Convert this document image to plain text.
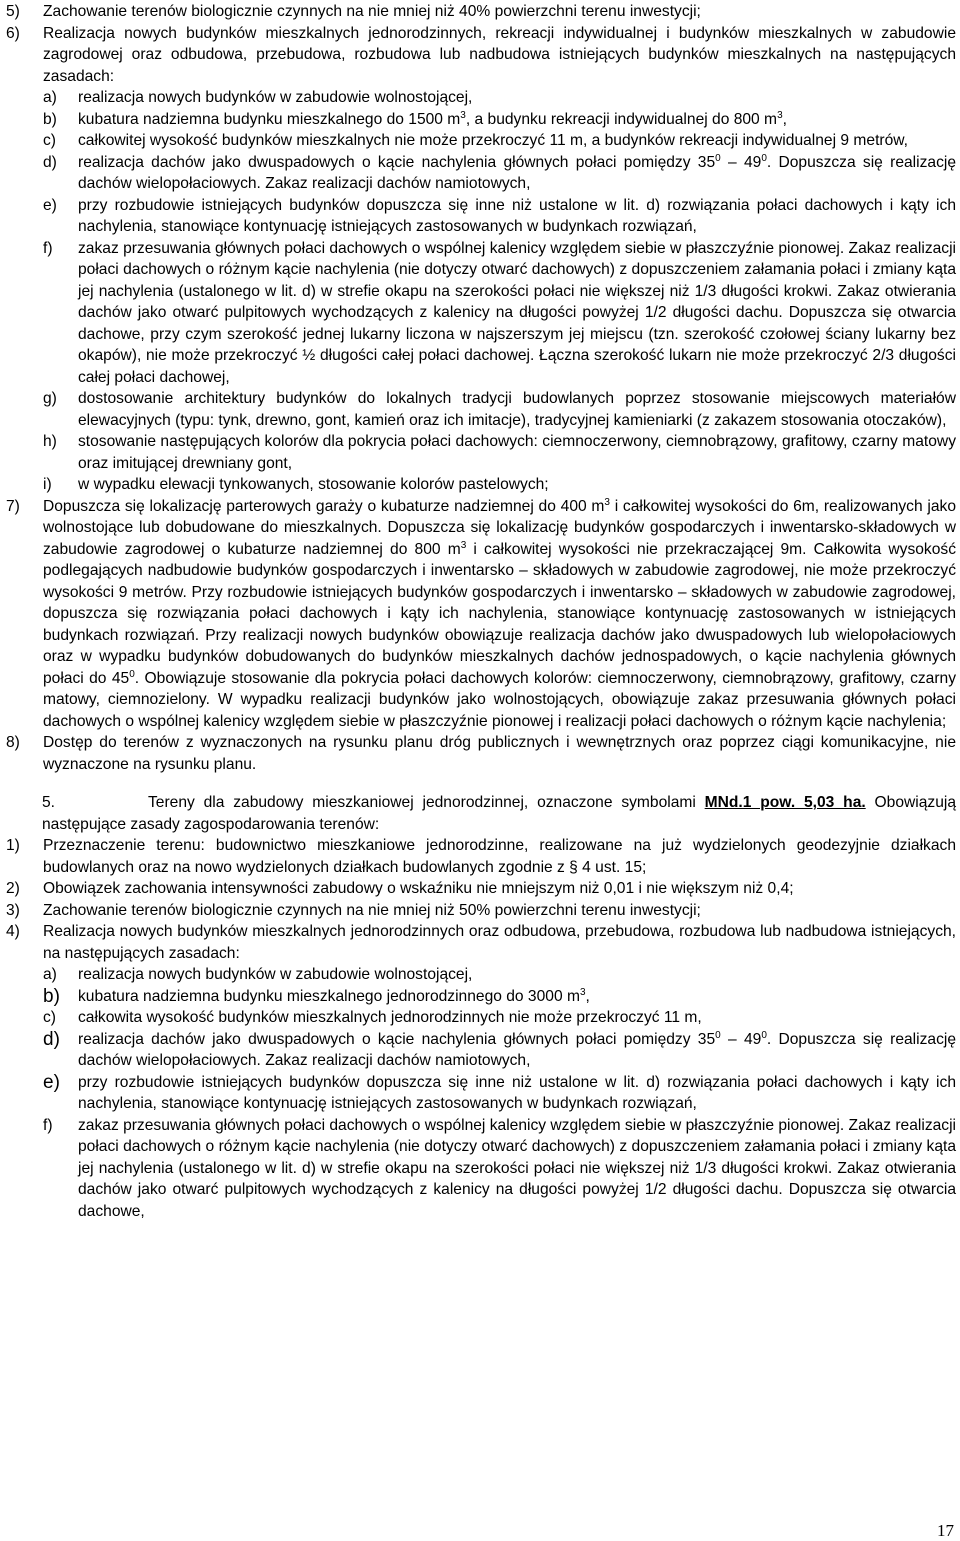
5)	Zachowanie terenów biologicznie czynnych na nie mniej niż 40% powierzchni terenu inwestycji;
6)	Realizacja nowych budynków mieszkalnych jednorodzinnych, rekreacji indywidualnej i budynków mieszkalnych w zabudowie zagrodowej oraz odbudowa, przebudowa, rozbudowa lub nadbudowa istniejących budynków mieszkalnych na następujących zasadach:
a)	realizacja nowych budynków w zabudowie wolnostojącej,
b)	kubatura nadziemna budynku mieszkalnego do 1500 $m^3$, a budynku rekreacji indywidualnej do 800 $m^3$,
c)	całkowitej wysokość budynków mieszkalnych nie może przekroczyć 11 m, a budynków rekreacji indywidualnej 9 metrów,
d)	realizacja dachów jako dwuspadowych o kącie nachylenia głównych połaci pomiędzy $35^0 - 49^0$. Dopuszcza się realizację dachów wielopołaciowych. Zakaz realizacji dachów namiotowych,
e)	przy rozbudowie istniejących budynków dopuszcza się inne niż ustalone w lit. d) rozwiązania połaci dachowych i kąty ich nachylenia, stanowiące kontynuację istniejących zastosowanych w budynkach rozwiązań,
f)	zakaz przesuwania głównych połaci dachowych o wspólnej kalenicy względem siebie w płaszczyźnie pionowej. Zakaz realizacji połaci dachowych o różnym kącie nachylenia (nie dotyczy otwarć dachowych) z dopuszczeniem załamania połaci i zmiany kąta jej nachylenia (ustalonego w lit. d) w strefie okapu na szerokości połaci nie większej niż 1/3 długości krokwi. Zakaz otwierania dachów jako otwarć pulpitowych wychodzących z kalenicy na długości powyżej 1/2 długości dachu. Dopuszcza się otwarcia dachowe, przy czym szerokość jednej lukarny liczona w najszerszym jej miejscu (tzn. szerokość czołowej ściany lukarny bez okapów), nie może przekroczyć ½ długości całej połaci dachowej. Łączna szerokość lukarn nie może przekroczyć 2/3 długości całej połaci dachowej,
g)	dostosowanie architektury budynków do lokalnych tradycji budowlanych poprzez stosowanie miejscowych materiałów elewacyjnych (typu: tynk, drewno, gont, kamień oraz ich imitacje), tradycyjnej kamieniarki (z zakazem stosowania otoczaków),
h)	stosowanie następujących kolorów dla pokrycia połaci dachowych: ciemnoczerwony, ciemnobrązowy, grafitowy, czarny matowy oraz imitującej drewniany gont,
i)	w wypadku elewacji tynkowanych, stosowanie kolorów pastelowych;
7)	Dopuszcza się lokalizację parterowych garaży o kubaturze nadziemnej do 400 $m^3$ i całkowitej wysokości do 6m, realizowanych jako wolnostojące lub dobudowane do mieszkalnych. Dopuszcza się lokalizację budynków gospodarczych i inwentarsko-składowych w zabudowie zagrodowej o kubaturze nadziemnej do 800 $m^3$ i całkowitej wysokości nie przekraczającej 9m. Całkowita wysokość podlegających nadbudowie budynków gospodarczych i inwentarsko – składowych w zabudowie zagrodowej, nie może przekroczyć wysokości 9 metrów. Przy rozbudowie istniejących budynków gospodarczych i inwentarsko – składowych w zabudowie zagrodowej, dopuszcza się rozwiązania połaci dachowych i kąty ich nachylenia, stanowiące kontynuację zastosowanych w istniejących budynkach rozwiązań. Przy realizacji nowych budynków obowiązuje realizacja dachów jako dwuspadowych lub wielopołaciowych oraz w wypadku budynków dobudowanych do budynków mieszkalnych dachów jednospadowych, o kącie nachylenia głównych połaci do $45^0$. Obowiązuje stosowanie dla pokrycia połaci dachowych kolorów: ciemnoczerwony, ciemnobrązowy, grafitowy, czarny matowy, ciemnozielony. W wypadku realizacji budynków jako wolnostojących, obowiązuje zakaz przesuwania głównych połaci dachowych o wspólnej kalenicy względem siebie w płaszczyźnie pionowej i realizacji połaci dachowych o różnym kącie nachylenia;
8)	Dostęp do terenów z wyznaczonych na rysunku planu dróg publicznych i wewnętrznych oraz poprzez ciągi komunikacyjne, nie wyznaczone na rysunku planu.
5.	Tereny dla zabudowy mieszkaniowej jednorodzinnej, oznaczone symbolami MNd.1 pow. 5,03 ha. Obowiązują następujące zasady zagospodarowania terenów:
1)	Przeznaczenie terenu: budownictwo mieszkaniowe jednorodzinne, realizowane na już wydzielonych geodezyjnie działkach budowlanych oraz na nowo wydzielonych działkach budowlanych zgodnie z § 4 ust. 15;
2)	Obowiązek zachowania intensywności zabudowy o wskaźniku nie mniejszym niż 0,01 i nie większym niż 0,4;
3)	Zachowanie terenów biologicznie czynnych na nie mniej niż 50% powierzchni terenu inwestycji;
4)	Realizacja nowych budynków mieszkalnych jednorodzinnych oraz odbudowa, przebudowa, rozbudowa lub nadbudowa istniejących, na następujących zasadach:
a)	realizacja nowych budynków w zabudowie wolnostojącej,
b)	kubatura nadziemna budynku mieszkalnego jednorodzinnego do 3000 $m^3$,
c)	całkowita wysokość budynków mieszkalnych jednorodzinnych nie może przekroczyć 11 m,
d)	realizacja dachów jako dwuspadowych o kącie nachylenia głównych połaci pomiędzy $35^0 - 49^0$. Dopuszcza się realizację dachów wielopołaciowych. Zakaz realizacji dachów namiotowych,
e)	przy rozbudowie istniejących budynków dopuszcza się inne niż ustalone w lit. d) rozwiązania połaci dachowych i kąty ich nachylenia, stanowiące kontynuację istniejących zastosowanych w budynkach rozwiązań,
f)	zakaz przesuwania głównych połaci dachowych o wspólnej kalenicy względem siebie w płaszczyźnie pionowej. Zakaz realizacji połaci dachowych o różnym kącie nachylenia (nie dotyczy otwarć dachowych) z dopuszczeniem załamania połaci i zmiany kąta jej nachylenia (ustalonego w lit. d) w strefie okapu na szerokości połaci nie większej niż 1/3 długości krokwi. Zakaz otwierania dachów jako otwarć pulpitowych wychodzących z kalenicy na długości powyżej 1/2 długości dachu. Dopuszcza się otwarcia dachowe,
17
